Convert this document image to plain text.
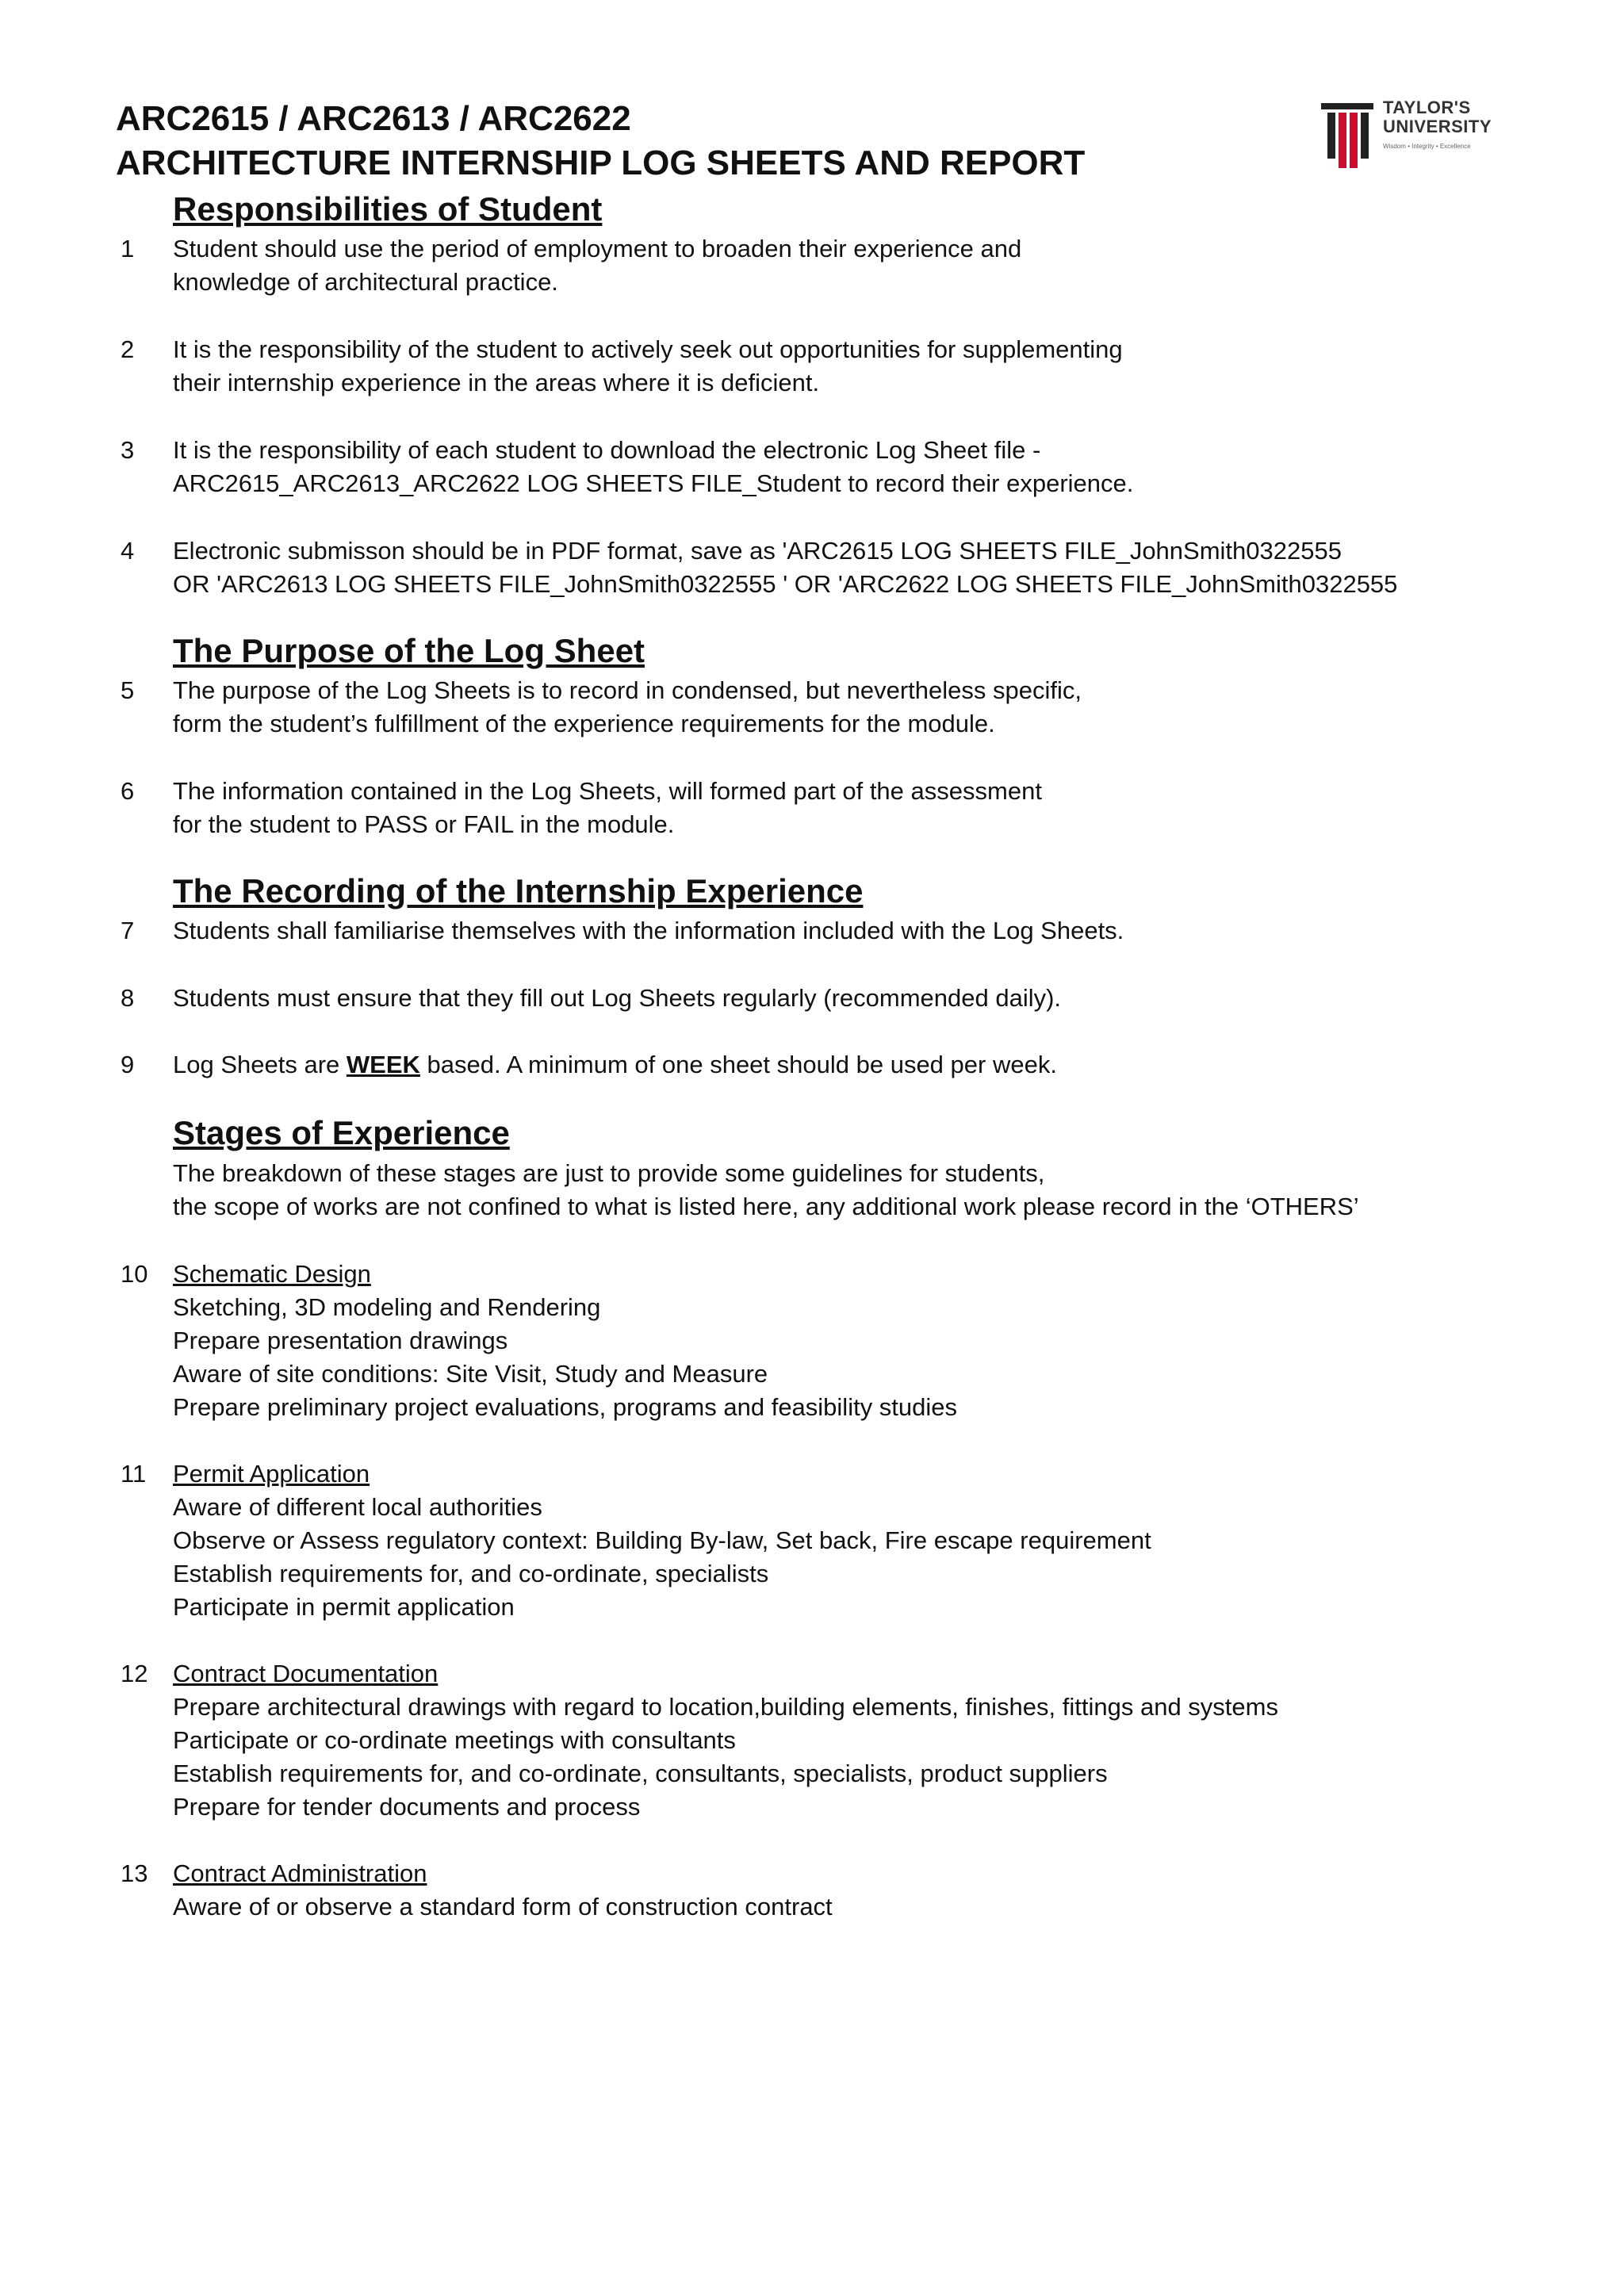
ARC2615 / ARC2613 / ARC2622
ARCHITECTURE INTERNSHIP LOG SHEETS AND REPORT
TAYLOR'S
UNIVERSITY
Wisdom • Integrity • Excellence
Responsibilities of Student
1 Student should use the period of employment to broaden their experience and
knowledge of architectural practice.
2 It is the responsibility of the student to actively seek out opportunities for supplementing
their internship experience in the areas where it is deficient.
3 It is the responsibility of each student to download the electronic Log Sheet file -
ARC2615_ARC2613_ARC2622 LOG SHEETS FILE_Student to record their experience.
4 Electronic submisson should be in PDF format, save as 'ARC2615 LOG SHEETS FILE_JohnSmith0322555
OR 'ARC2613 LOG SHEETS FILE_JohnSmith0322555 ' OR 'ARC2622 LOG SHEETS FILE_JohnSmith0322555
The Purpose of the Log Sheet
5 The purpose of the Log Sheets is to record in condensed, but nevertheless specific,
form the student’s fulfillment of the experience requirements for the module.
6 The information contained in the Log Sheets, will formed part of the assessment
for the student to PASS or FAIL in the module.
The Recording of the Internship Experience
7 Students shall familiarise themselves with the information included with the Log Sheets.
8 Students must ensure that they fill out Log Sheets regularly (recommended daily).
9 Log Sheets are WEEK based. A minimum of one sheet should be used per week.
Stages of Experience
The breakdown of these stages are just to provide some guidelines for students,
the scope of works are not confined to what is listed here, any additional work please record in the ‘OTHERS’
10 Schematic Design
Sketching, 3D modeling and Rendering
Prepare presentation drawings
Aware of site conditions: Site Visit, Study and Measure
Prepare preliminary project evaluations, programs and feasibility studies
11 Permit Application
Aware of different local authorities
Observe or Assess regulatory context: Building By-law, Set back, Fire escape requirement
Establish requirements for, and co-ordinate, specialists
Participate in permit application
12 Contract Documentation
Prepare architectural drawings with regard to location,building elements, finishes, fittings and systems
Participate or co-ordinate meetings with consultants
Establish requirements for, and co-ordinate, consultants, specialists, product suppliers
Prepare for tender documents and process
13 Contract Administration
Aware of or observe a standard form of construction contract
